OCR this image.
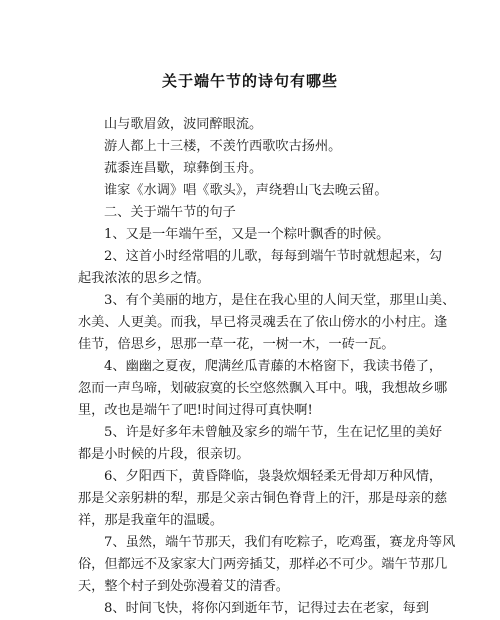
关于端午节的诗句有哪些
山与歌眉敛，波同醉眼流。
游人都上十三楼，不羡竹西歌吹古扬州。
菰黍连昌歜，琼彝倒玉舟。
谁家《水调》唱《歌头》，声绕碧山飞去晚云留。
二、关于端午节的句子
1、又是一年端午至，又是一个粽叶飘香的时候。
2、这首小时经常唱的儿歌，每每到端午节时就想起来，勾
起我浓浓的思乡之情。
3、有个美丽的地方，是住在我心里的人间天堂，那里山美、
水美、人更美。而我，早已将灵魂丢在了依山傍水的小村庄。逢
佳节，倍思乡，思那一草一花，一树一木，一砖一瓦。
4、幽幽之夏夜，爬满丝瓜青藤的木格窗下，我读书倦了，
忽而一声鸟啼，划破寂寞的长空悠然飘入耳中。哦，我想故乡哪
里，改也是端午了吧!时间过得可真快啊!
5、许是好多年未曾触及家乡的端午节，生在记忆里的美好
都是小时候的片段，很亲切。
6、夕阳西下，黄昏降临，袅袅炊烟轻柔无骨却万种风情，
那是父亲躬耕的犁，那是父亲古铜色脊背上的汗，那是母亲的慈
祥，那是我童年的温暖。
7、虽然，端午节那天，我们有吃粽子，吃鸡蛋，赛龙舟等风
俗，但都远不及家家大门两旁插艾，那样必不可少。端午节那几
天，整个村子到处弥漫着艾的清香。
8、时间飞快，将你闪到逝年节，记得过去在老家，每到
